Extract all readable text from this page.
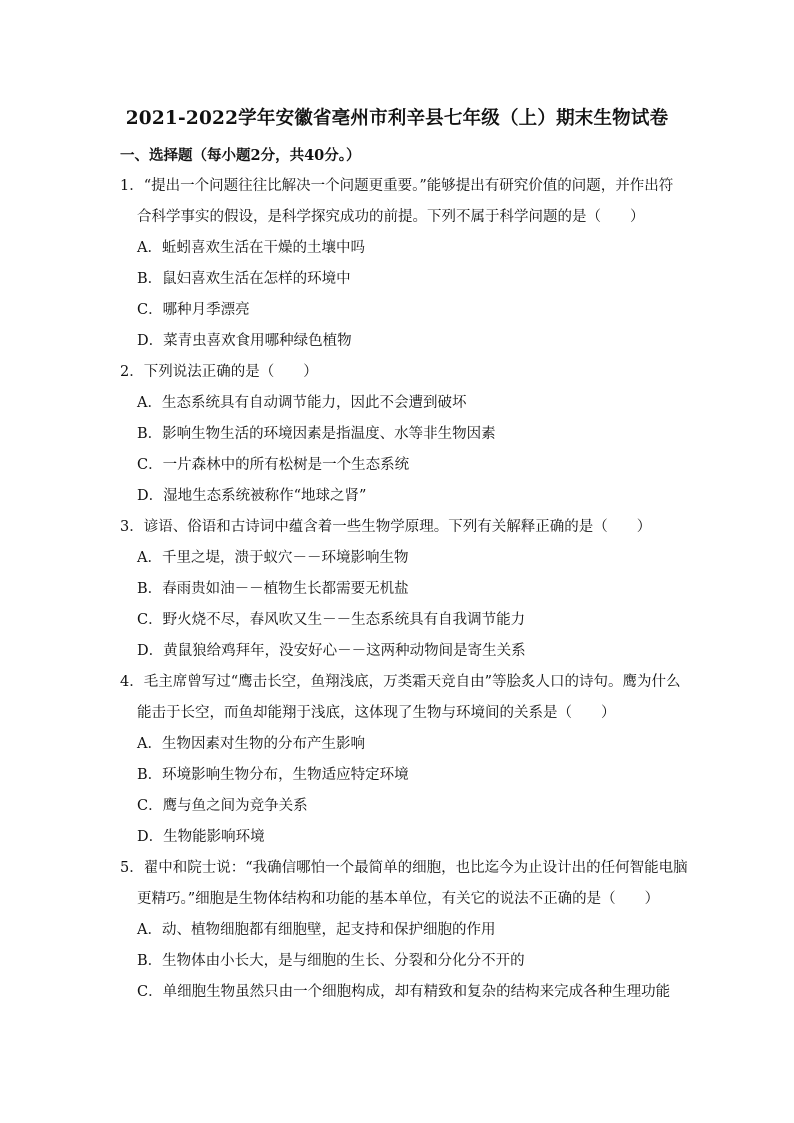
2021-2022学年安徽省亳州市利辛县七年级（上）期末生物试卷
一、选择题（每小题2分，共40分。）
1．“提出一个问题往往比解决一个问题更重要。”能够提出有研究价值的问题，并作出符
合科学事实的假设，是科学探究成功的前提。下列不属于科学问题的是（　　）
A．蚯蚓喜欢生活在干燥的土壤中吗
B．鼠妇喜欢生活在怎样的环境中
C．哪种月季漂亮
D．菜青虫喜欢食用哪种绿色植物
2．下列说法正确的是（　　）
A．生态系统具有自动调节能力，因此不会遭到破坏
B．影响生物生活的环境因素是指温度、水等非生物因素
C．一片森林中的所有松树是一个生态系统
D．湿地生态系统被称作“地球之肾”
3．谚语、俗语和古诗词中蕴含着一些生物学原理。下列有关解释正确的是（　　）
A．千里之堤，溃于蚁穴－－环境影响生物
B．春雨贵如油－－植物生长都需要无机盐
C．野火烧不尽，春风吹又生－－生态系统具有自我调节能力
D．黄鼠狼给鸡拜年，没安好心－－这两种动物间是寄生关系
4．毛主席曾写过“鹰击长空，鱼翔浅底，万类霜天竞自由”等脍炙人口的诗句。鹰为什么
能击于长空，而鱼却能翔于浅底，这体现了生物与环境间的关系是（　　）
A．生物因素对生物的分布产生影响
B．环境影响生物分布，生物适应特定环境
C．鹰与鱼之间为竞争关系
D．生物能影响环境
5．翟中和院士说：“我确信哪怕一个最简单的细胞，也比迄今为止设计出的任何智能电脑
更精巧。”细胞是生物体结构和功能的基本单位，有关它的说法不正确的是（　　）
A．动、植物细胞都有细胞壁，起支持和保护细胞的作用
B．生物体由小长大，是与细胞的生长、分裂和分化分不开的
C．单细胞生物虽然只由一个细胞构成，却有精致和复杂的结构来完成各种生理功能
